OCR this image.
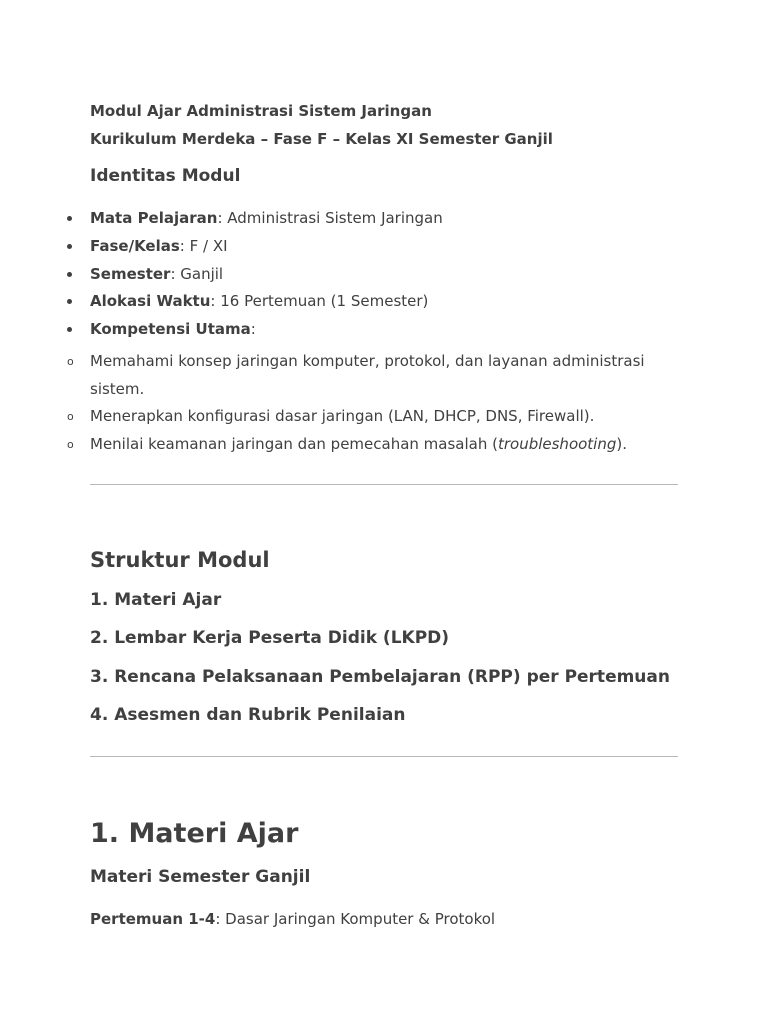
Modul Ajar Administrasi Sistem Jaringan
Kurikulum Merdeka – Fase F – Kelas XI Semester Ganjil
Identitas Modul
Mata Pelajaran: Administrasi Sistem Jaringan
Fase/Kelas: F / XI
Semester: Ganjil
Alokasi Waktu: 16 Pertemuan (1 Semester)
Kompetensi Utama:
o Memahami konsep jaringan komputer, protokol, dan layanan administrasi
sistem.
o Menerapkan konfigurasi dasar jaringan (LAN, DHCP, DNS, Firewall).
o Menilai keamanan jaringan dan pemecahan masalah (troubleshooting).
Struktur Modul
1. Materi Ajar
2. Lembar Kerja Peserta Didik (LKPD)
3. Rencana Pelaksanaan Pembelajaran (RPP) per Pertemuan
4. Asesmen dan Rubrik Penilaian
1. Materi Ajar
Materi Semester Ganjil
Pertemuan 1-4: Dasar Jaringan Komputer & Protokol
